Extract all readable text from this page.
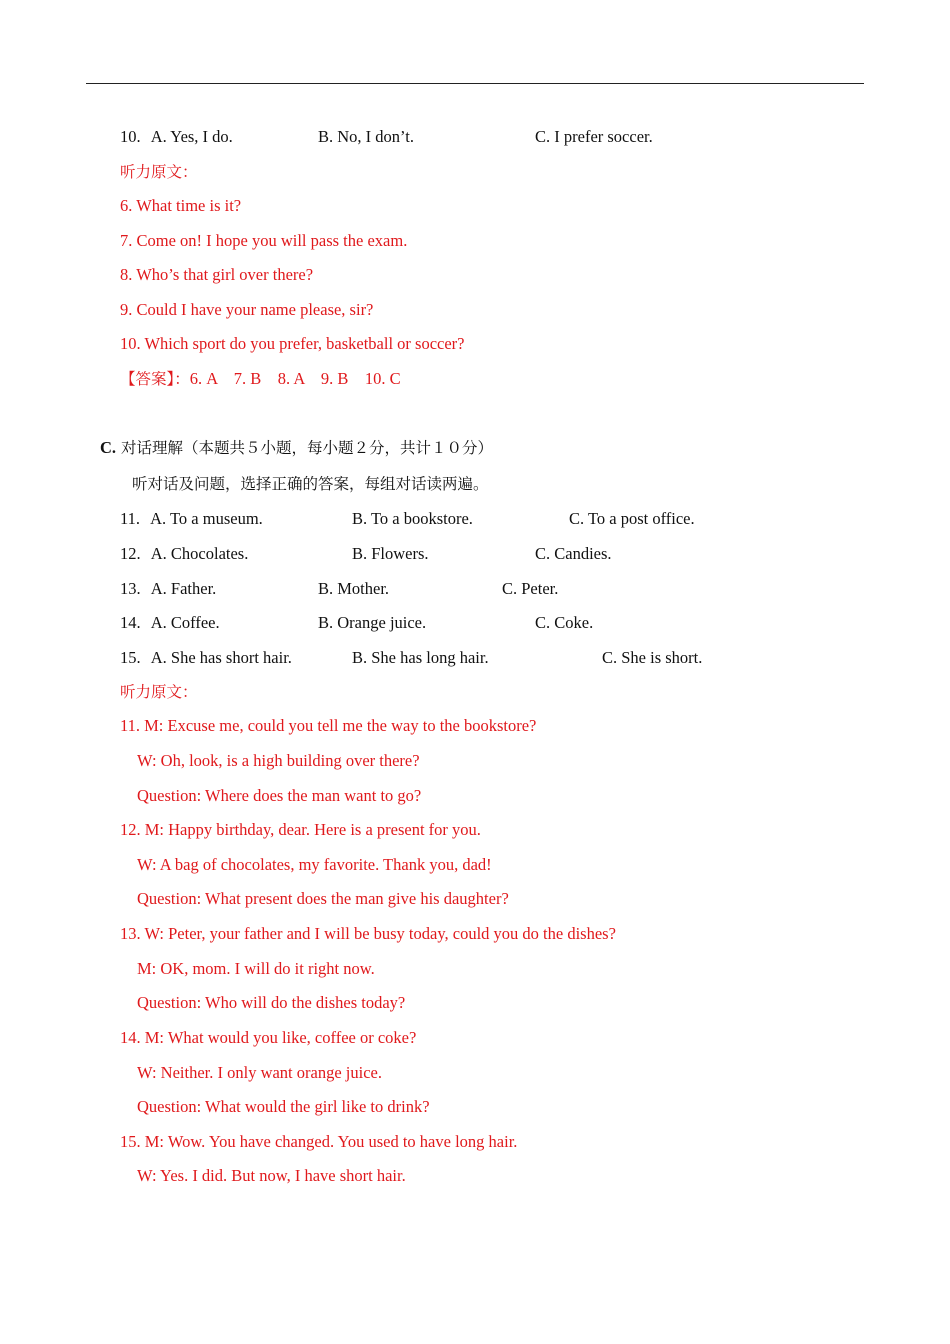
10. A. Yes, I do.	B. No, I don’t.	C. I prefer soccer.
听力原文：
6. What time is it?
7. Come on! I hope you will pass the exam.
8. Who’s that girl over there?
9. Could I have your name please, sir?
10. Which sport do you prefer, basketball or soccer?
【答案】：6. A    7. B    8. A    9. B    10. C
C. 对话理解（本题共５小题，每小题２分，共计１０分）
听对话及问题，选择正确的答案，每组对话读两遍。
11. A. To a museum.	B. To a bookstore.	C. To a post office.
12. A. Chocolates.	B. Flowers.	C. Candies.
13. A. Father.	B. Mother.	C. Peter.
14. A. Coffee.	B. Orange juice.	C. Coke.
15. A. She has short hair.	B. She has long hair.	C. She is short.
听力原文：
11. M: Excuse me, could you tell me the way to the bookstore?
W: Oh, look, is a high building over there?
Question: Where does the man want to go?
12. M: Happy birthday, dear. Here is a present for you.
W: A bag of chocolates, my favorite. Thank you, dad!
Question: What present does the man give his daughter?
13. W: Peter, your father and I will be busy today, could you do the dishes?
M: OK, mom. I will do it right now.
Question: Who will do the dishes today?
14. M: What would you like, coffee or coke?
W: Neither. I only want orange juice.
Question: What would the girl like to drink?
15. M: Wow. You have changed. You used to have long hair.
W: Yes. I did. But now, I have short hair.
